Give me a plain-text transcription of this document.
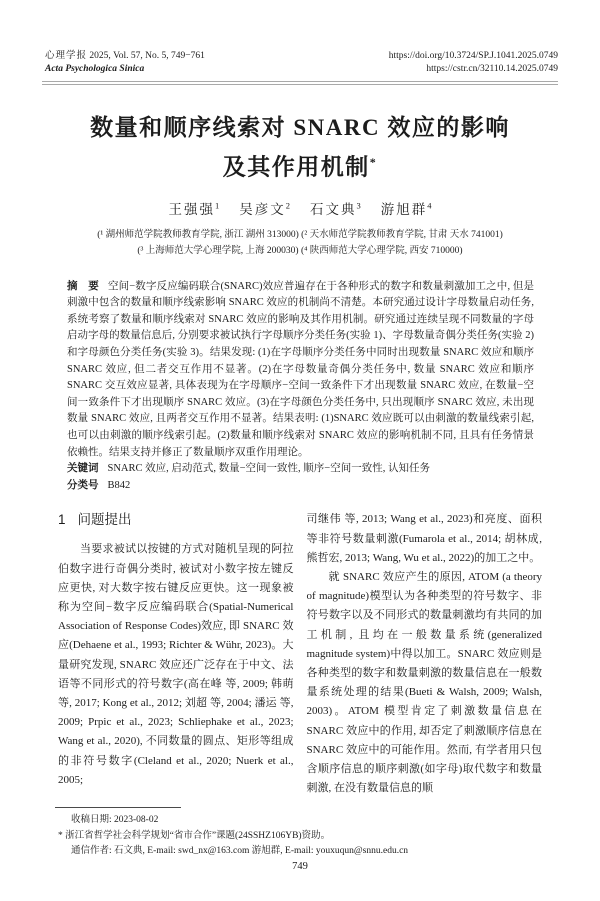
心理学报 2025, Vol. 57, No. 5, 749−761
Acta Psychologica Sinica
https://doi.org/10.3724/SP.J.1041.2025.0749
https://cstr.cn/32110.14.2025.0749
数量和顺序线索对 SNARC 效应的影响
及其作用机制*
王强强$^1$ 吴彦文$^2$ 石文典$^3$ 游旭群$^4$
(¹ 湖州师范学院教师教育学院, 浙江 湖州 313000) (² 天水师范学院教师教育学院, 甘肃 天水 741001)
(³ 上海师范大学心理学院, 上海 200030) (⁴ 陕西师范大学心理学院, 西安 710000)
摘　要 空间−数字反应编码联合(SNARC)效应普遍存在于各种形式的数字和数量刺激加工之中, 但是刺激中包含的数量和顺序线索影响 SNARC 效应的机制尚不清楚。本研究通过设计字母数量启动任务, 系统考察了数量和顺序线索对 SNARC 效应的影响及其作用机制。研究通过连续呈现不同数量的字母启动字母的数量信息后, 分别要求被试执行字母顺序分类任务(实验 1)、字母数量奇偶分类任务(实验 2)和字母颜色分类任务(实验 3)。结果发现: (1)在字母顺序分类任务中同时出现数量 SNARC 效应和顺序 SNARC 效应, 但二者交互作用不显著。(2)在字母数量奇偶分类任务中, 数量 SNARC 效应和顺序 SNARC 交互效应显著, 具体表现为在字母顺序−空间一致条件下才出现数量 SNARC 效应, 在数量−空间一致条件下才出现顺序 SNARC 效应。(3)在字母颜色分类任务中, 只出现顺序 SNARC 效应, 未出现数量 SNARC 效应, 且两者交互作用不显著。结果表明: (1)SNARC 效应既可以由刺激的数量线索引起, 也可以由刺激的顺序线索引起。(2)数量和顺序线索对 SNARC 效应的影响机制不同, 且具有任务情景依赖性。结果支持并修正了数量顺序双重作用理论。
关键词 SNARC 效应, 启动范式, 数量−空间一致性, 顺序−空间一致性, 认知任务
分类号 B842
1 问题提出
当要求被试以按键的方式对随机呈现的阿拉伯数字进行奇偶分类时, 被试对小数字按左键反应更快, 对大数字按右键反应更快。这一现象被称为空间−数字反应编码联合(Spatial-Numerical Association of Response Codes)效应, 即 SNARC 效应(Dehaene et al., 1993; Richter & Wühr, 2023)。大量研究发现, SNARC 效应还广泛存在于中文、法语等不同形式的符号数字(高在峰 等, 2009; 韩萌 等, 2017; Kong et al., 2012; 刘超 等, 2004; 潘运 等, 2009; Prpic et al., 2023; Schliephake et al., 2023; Wang et al., 2020), 不同数量的圆点、矩形等组成的非符号数字(Cleland et al., 2020; Nuerk et al., 2005;
司继伟 等, 2013; Wang et al., 2023)和亮度、面积等非符号数量刺激(Fumarola et al., 2014; 胡林成, 熊哲宏, 2013; Wang, Wu et al., 2022)的加工之中。
就 SNARC 效应产生的原因, ATOM (a theory of magnitude)模型认为各种类型的符号数字、非符号数字以及不同形式的数量刺激均有共同的加工机制, 且均在一般数量系统(generalized magnitude system)中得以加工。SNARC 效应则是各种类型的数字和数量刺激的数量信息在一般数量系统处理的结果(Bueti & Walsh, 2009; Walsh, 2003)。ATOM 模型肯定了刺激数量信息在 SNARC 效应中的作用, 却否定了刺激顺序信息在 SNARC 效应中的可能作用。然而, 有学者用只包含顺序信息的顺序刺激(如字母)取代数字和数量刺激, 在没有数量信息的顺
收稿日期: 2023-08-02
* 浙江省哲学社会科学规划“省市合作”课题(24SSHZ106YB)资助。
通信作者: 石文典, E-mail: swd_nx@163.com 游旭群, E-mail: youxuqun@snnu.edu.cn
749
